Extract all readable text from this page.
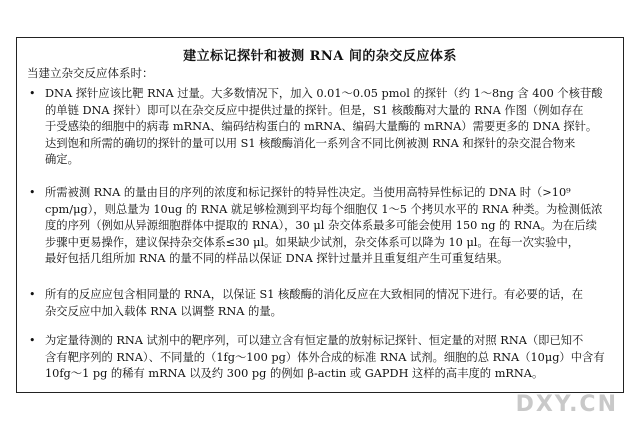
建立标记探针和被测 RNA 间的杂交反应体系
当建立杂交反应体系时：
• DNA 探针应该比靶 RNA 过量。大多数情况下，加入 0.01～0.05 pmol 的探针（约 1～8ng 含 400 个核苷酸
的单链 DNA 探针）即可以在杂交反应中提供过量的探针。但是，S1 核酸酶对大量的 RNA 作图（例如存在
于受感染的细胞中的病毒 mRNA、编码结构蛋白的 mRNA、编码大量酶的 mRNA）需要更多的 DNA 探针。
达到饱和所需的确切的探针的量可以用 S1 核酸酶消化一系列含不同比例被测 RNA 和探针的杂交混合物来
确定。
• 所需被测 RNA 的量由目的序列的浓度和标记探针的特异性决定。当使用高特异性标记的 DNA 时（>10⁹
cpm/μg），则总量为 10ug 的 RNA 就足够检测到平均每个细胞仅 1～5 个拷贝水平的 RNA 种类。为检测低浓
度的序列（例如从异源细胞群体中提取的 RNA），30 μl 杂交体系最多可能会使用 150 ng 的 RNA。为在后续
步骤中更易操作，建议保持杂交体系≤30 μl。如果缺少试剂，杂交体系可以降为 10 μl。在每一次实验中，
最好包括几组所加 RNA 的量不同的样品以保证 DNA 探针过量并且重复组产生可重复结果。
• 所有的反应应包含相同量的 RNA，以保证 S1 核酸酶的消化反应在大致相同的情况下进行。有必要的话，在
杂交反应中加入载体 RNA 以调整 RNA 的量。
• 为定量待测的 RNA 试剂中的靶序列，可以建立含有恒定量的放射标记探针、恒定量的对照 RNA（即已知不
含有靶序列的 RNA）、不同量的（1fg～100 pg）体外合成的标准 RNA 试剂。细胞的总 RNA（10μg）中含有
10fg～1 pg 的稀有 mRNA 以及约 300 pg 的例如 β-actin 或 GAPDH 这样的高丰度的 mRNA。
DXY.CN
